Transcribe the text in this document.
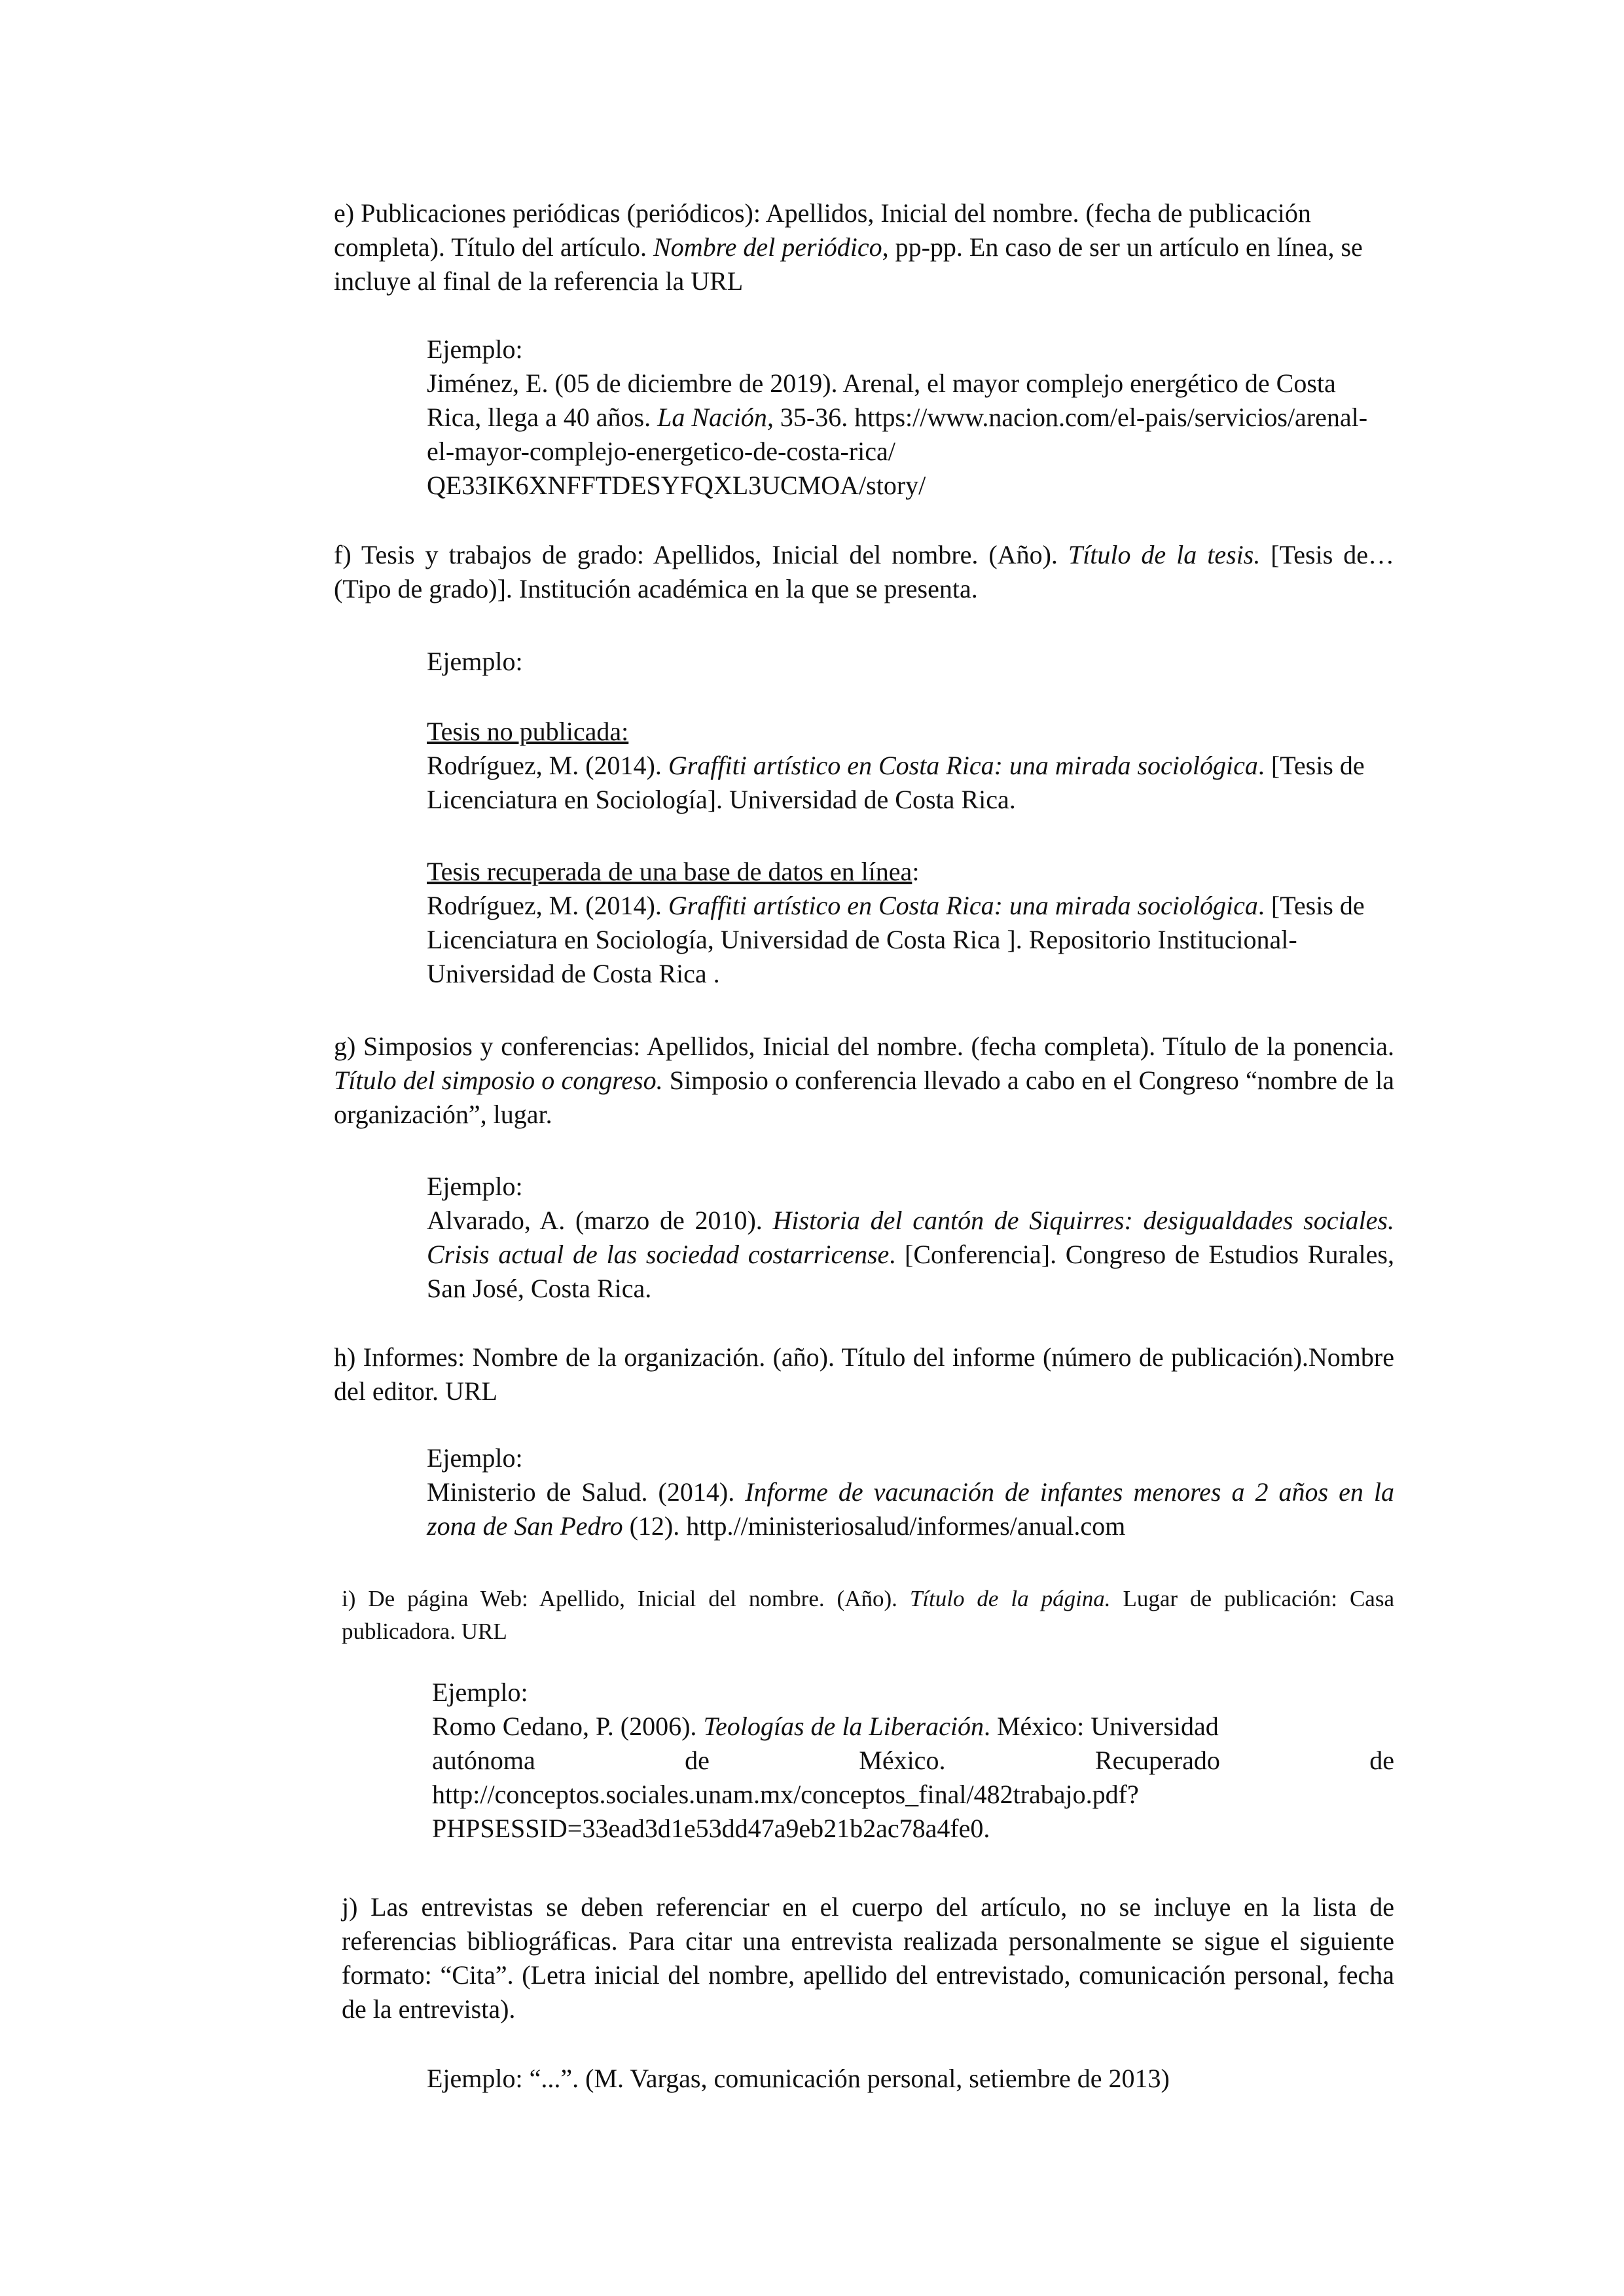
e) Publicaciones periódicas (periódicos): Apellidos, Inicial del nombre. (fecha de publicación completa). Título del artículo. Nombre del periódico, pp-pp. En caso de ser un artículo en línea, se incluye al final de la referencia la URL

Ejemplo:

Jiménez, E. (05 de diciembre de 2019). Arenal, el mayor complejo energético de Costa Rica, llega a 40 años. La Nación, 35-36. https://www.nacion.com/el-pais/servicios/arenal-el-mayor-complejo-energetico-de-costa-rica/ QE33IK6XNFFTDESYFQXL3UCMOA/story/

f) Tesis y trabajos de grado: Apellidos, Inicial del nombre. (Año). Título de la tesis. [Tesis de… (Tipo de grado)]. Institución académica en la que se presenta.

Ejemplo:

Tesis no publicada:

Rodríguez, M. (2014). Graffiti artístico en Costa Rica: una mirada sociológica. [Tesis de Licenciatura en Sociología]. Universidad de Costa Rica.

Tesis recuperada de una base de datos en línea:

Rodríguez, M. (2014). Graffiti artístico en Costa Rica: una mirada sociológica. [Tesis de Licenciatura en Sociología, Universidad de Costa Rica ]. Repositorio Institucional-Universidad de Costa Rica .

g) Simposios y conferencias: Apellidos, Inicial del nombre. (fecha completa). Título de la ponencia. Título del simposio o congreso. Simposio o conferencia llevado a cabo en el Congreso “nombre de la organización”, lugar.

Ejemplo:

Alvarado, A. (marzo de 2010). Historia del cantón de Siquirres: desigualdades sociales. Crisis actual de las sociedad costarricense. [Conferencia]. Congreso de Estudios Rurales, San José, Costa Rica.

h) Informes: Nombre de la organización. (año). Título del informe (número de publicación).Nombre del editor. URL

Ejemplo:

Ministerio de Salud. (2014). Informe de vacunación de infantes menores a 2 años en la zona de San Pedro (12). http.//ministeriosalud/informes/anual.com

i) De página Web: Apellido, Inicial del nombre. (Año). Título de la página. Lugar de publicación: Casa publicadora. URL

Ejemplo:

Romo Cedano, P. (2006). Teologías de la Liberación. México: Universidad

autónoma	de	México.	Recuperado	de

http://conceptos.sociales.unam.mx/conceptos_final/482trabajo.pdf?

PHPSESSID=33ead3d1e53dd47a9eb21b2ac78a4fe0.

j) Las entrevistas se deben referenciar en el cuerpo del artículo, no se incluye en la lista de referencias bibliográficas. Para citar una entrevista realizada personalmente se sigue el siguiente formato: “Cita”. (Letra inicial del nombre, apellido del entrevistado, comunicación personal, fecha de la entrevista).

Ejemplo: “...”. (M. Vargas, comunicación personal, setiembre de 2013)
